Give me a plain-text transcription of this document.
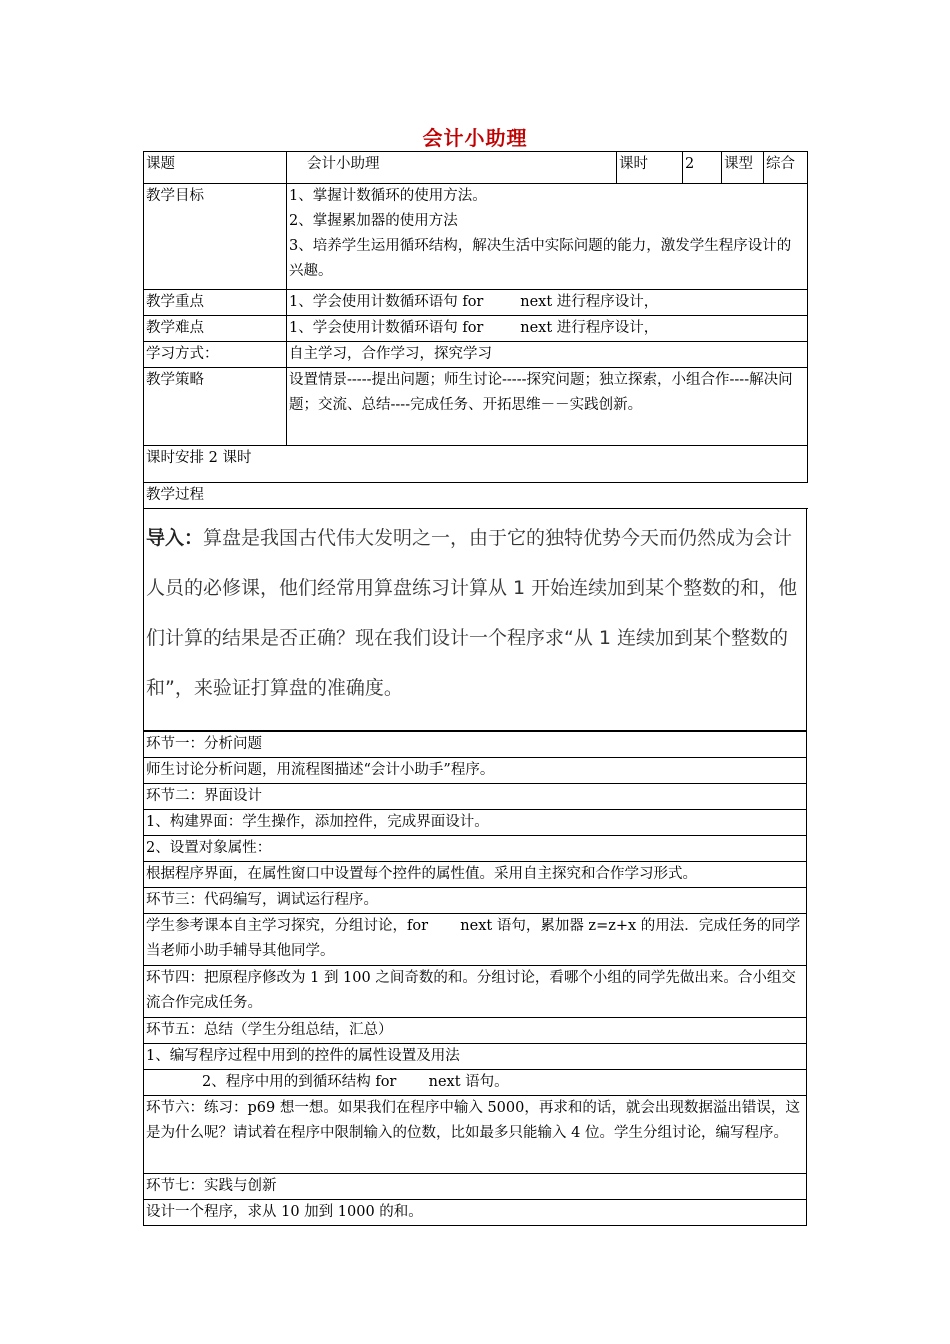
会计小助理
课题	会计小助理	课时	2	课型	综合
教学目标	1、掌握计数循环的使用方法。
2、掌握累加器的使用方法
3、培养学生运用循环结构，解决生活中实际问题的能力，激发学生程序设计的兴趣。				

教学重点	1、学会使用计数循环语句 for        next 进行程序设计，				
教学难点	1、学会使用计数循环语句 for        next 进行程序设计，				
学习方式：	自主学习，合作学习，探究学习				
教学策略	设置情景-----提出问题；师生讨论-----探究问题；独立探索，小组合作----解决问题；交流、总结----完成任务、开拓思维－－实践创新。				
课时安排 2 课时					
教学过程					
导入：算盘是我国古代伟大发明之一，由于它的独特优势今天而仍然成为会计人员的必修课，他们经常用算盘练习计算从 1 开始连续加到某个整数的和，他们计算的结果是否正确？现在我们设计一个程序求“从 1 连续加到某个整数的和”，来验证打算盘的准确度。
环节一：分析问题
师生讨论分析问题，用流程图描述“会计小助手”程序。
环节二：界面设计
1、构建界面：学生操作，添加控件，完成界面设计。
2、设置对象属性：
根据程序界面，在属性窗口中设置每个控件的属性值。采用自主探究和合作学习形式。
环节三：代码编写，调试运行程序。
学生参考课本自主学习探究，分组讨论，for       next 语句，累加器 z=z+x 的用法．完成任务的同学当老师小助手辅导其他同学。
环节四：把原程序修改为 1 到 100 之间奇数的和。分组讨论，看哪个小组的同学先做出来。合小组交流合作完成任务。
环节五：总结（学生分组总结，汇总）
1、编写程序过程中用到的控件的属性设置及用法
2、程序中用的到循环结构 for       next 语句。
环节六：练习：p69 想一想。如果我们在程序中输入 5000，再求和的话，就会出现数据溢出错误，这是为什么呢？请试着在程序中限制输入的位数，比如最多只能输入 4 位。学生分组讨论，编写程序。
环节七：实践与创新
设计一个程序，求从 10 加到 1000 的和。
